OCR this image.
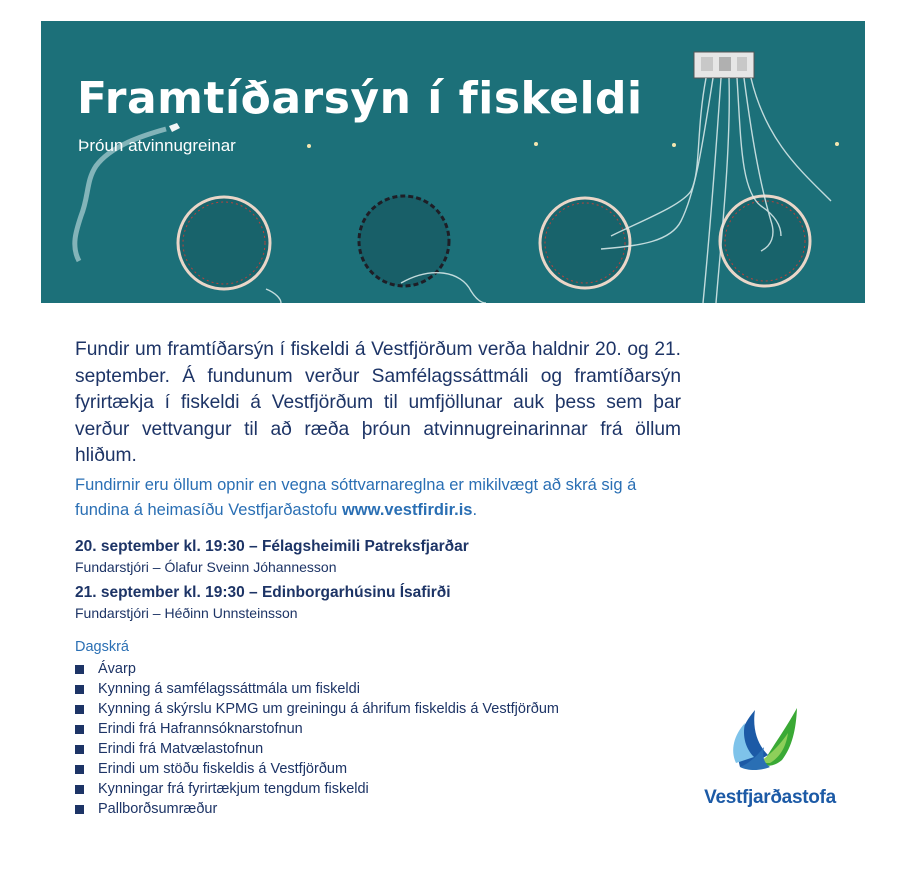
Framtíðarsýn í fiskeldi

Þróun atvinnugreinar

Fundir um framtíðarsýn í fiskeldi á Vestfjörðum verða haldnir 20. og 21. september. Á fundunum verður Samfélagssáttmáli og framtíðarsýn fyrirtækja í fiskeldi á Vestfjörðum til umfjöllunar auk þess sem þar verður vettvangur til að ræða þróun atvinnugreinarinnar frá öllum hliðum.

Fundirnir eru öllum opnir en vegna sóttvarnareglna er mikilvægt að skrá sig á fundina á heimasíðu Vestfjarðastofu www.vestfirdir.is.

20. september kl. 19:30 – Félagsheimili Patreksfjarðar

Fundarstjóri – Ólafur Sveinn Jóhannesson

21. september kl. 19:30 – Edinborgarhúsinu Ísafirði

Fundarstjóri – Héðinn Unnsteinsson

Dagskrá

Ávarp
Kynning á samfélagssáttmála um fiskeldi
Kynning á skýrslu KPMG um greiningu á áhrifum fiskeldis á Vestfjörðum
Erindi frá Hafrannsóknarstofnun
Erindi frá Matvælastofnun
Erindi um stöðu fiskeldis á Vestfjörðum
Kynningar frá fyrirtækjum tengdum fiskeldi
Pallborðsumræður
Vestfjarðastofa
